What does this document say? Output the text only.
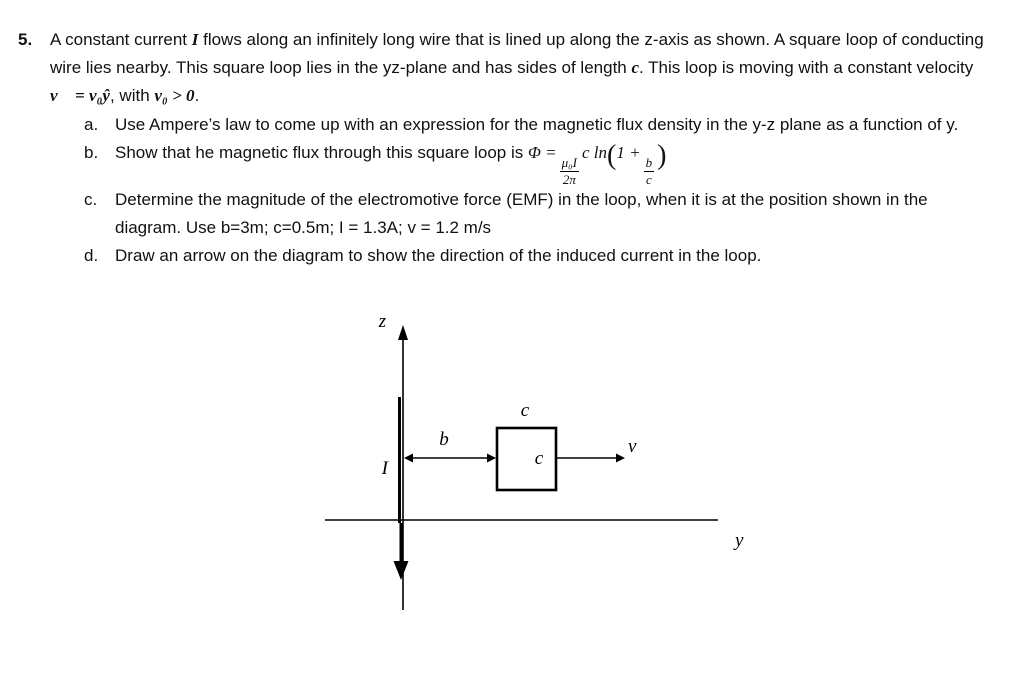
5.	A constant current I flows along an infinitely long wire that is lined up along the z-axis as shown. A square loop of conducting wire lies nearby. This square loop lies in the yz-plane and has sides of length c. This loop is moving with a constant velocity v⃗ = v₀ŷ, with v₀ > 0.
a. Use Ampere’s law to come up with an expression for the magnetic flux density in the y-z plane as a function of y.
b. Show that he magnetic flux through this square loop is Φ =
$\frac{\text{μ₀I}}{2\pi}$
c ln(1 +
$\frac{b}{c}$ )
c.	Determine the magnitude of the electromotive force (EMF) in the loop, when it is at the position shown in the diagram. Use b=3m; c=0.5m; I = 1.3A; v = 1.2 m/s
d. Draw an arrow on the diagram to show the direction of the induced current in the loop.
z
I
b
c
c
v
y
